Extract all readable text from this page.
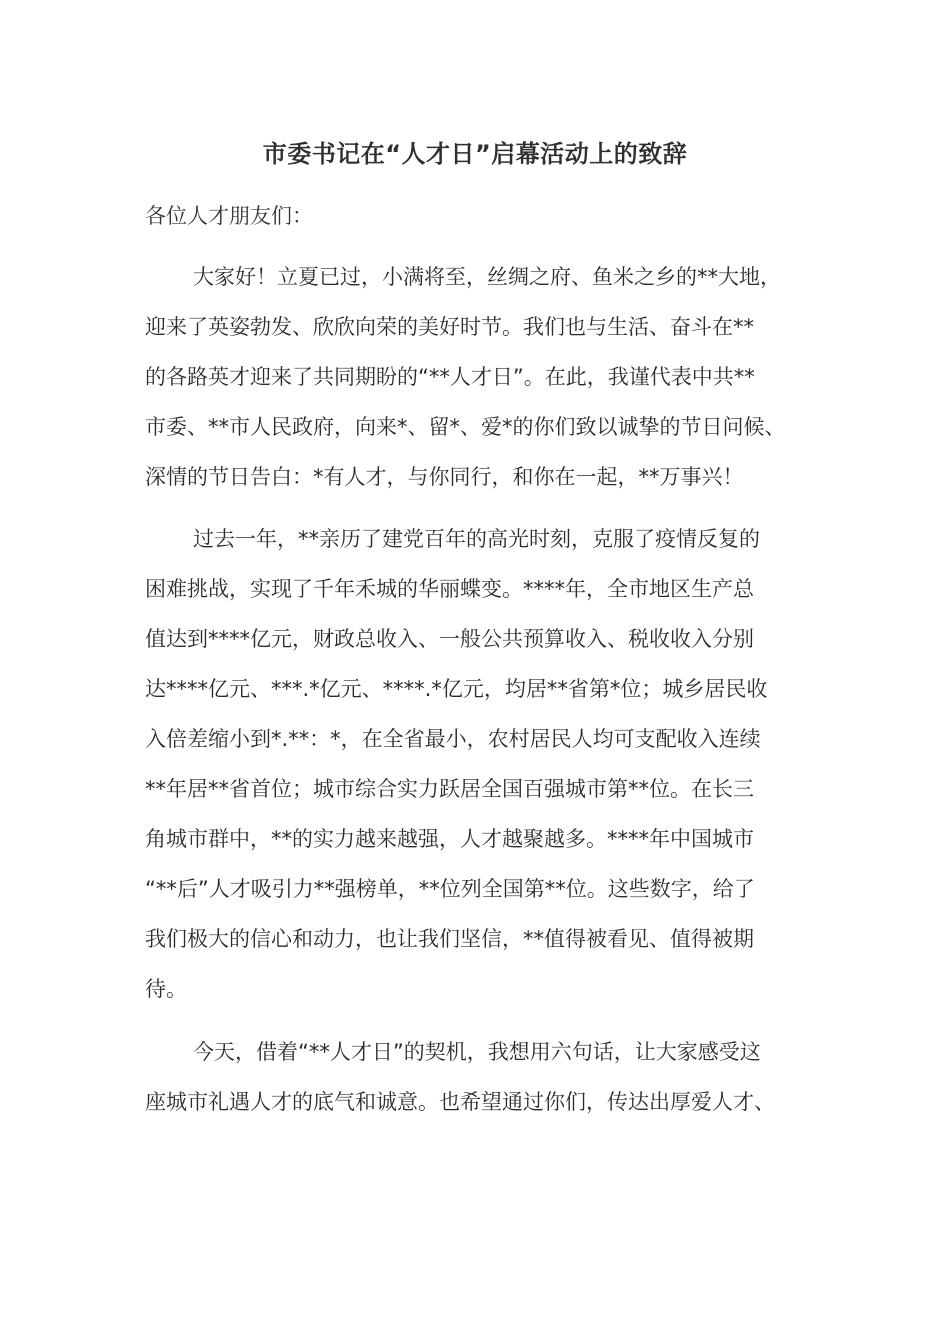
市委书记在“人才日”启幕活动上的致辞
各位人才朋友们：
大家好！立夏已过，小满将至，丝绸之府、鱼米之乡的**大地，
迎来了英姿勃发、欣欣向荣的美好时节。我们也与生活、奋斗在**
的各路英才迎来了共同期盼的“**人才日”。在此，我谨代表中共**
市委、**市人民政府，向来*、留*、爱*的你们致以诚挚的节日问候、
深情的节日告白：*有人才，与你同行，和你在一起，**万事兴！
过去一年，**亲历了建党百年的高光时刻，克服了疫情反复的
困难挑战，实现了千年禾城的华丽蝶变。****年，全市地区生产总
值达到****亿元，财政总收入、一般公共预算收入、税收收入分别
达****亿元、***.*亿元、****.*亿元，均居**省第*位；城乡居民收
入倍差缩小到*.**：*，在全省最小，农村居民人均可支配收入连续
**年居**省首位；城市综合实力跃居全国百强城市第**位。在长三
角城市群中，**的实力越来越强，人才越聚越多。****年中国城市
“**后”人才吸引力**强榜单，**位列全国第**位。这些数字，给了
我们极大的信心和动力，也让我们坚信，**值得被看见、值得被期
待。
今天，借着“**人才日”的契机，我想用六句话，让大家感受这
座城市礼遇人才的底气和诚意。也希望通过你们，传达出厚爱人才、
